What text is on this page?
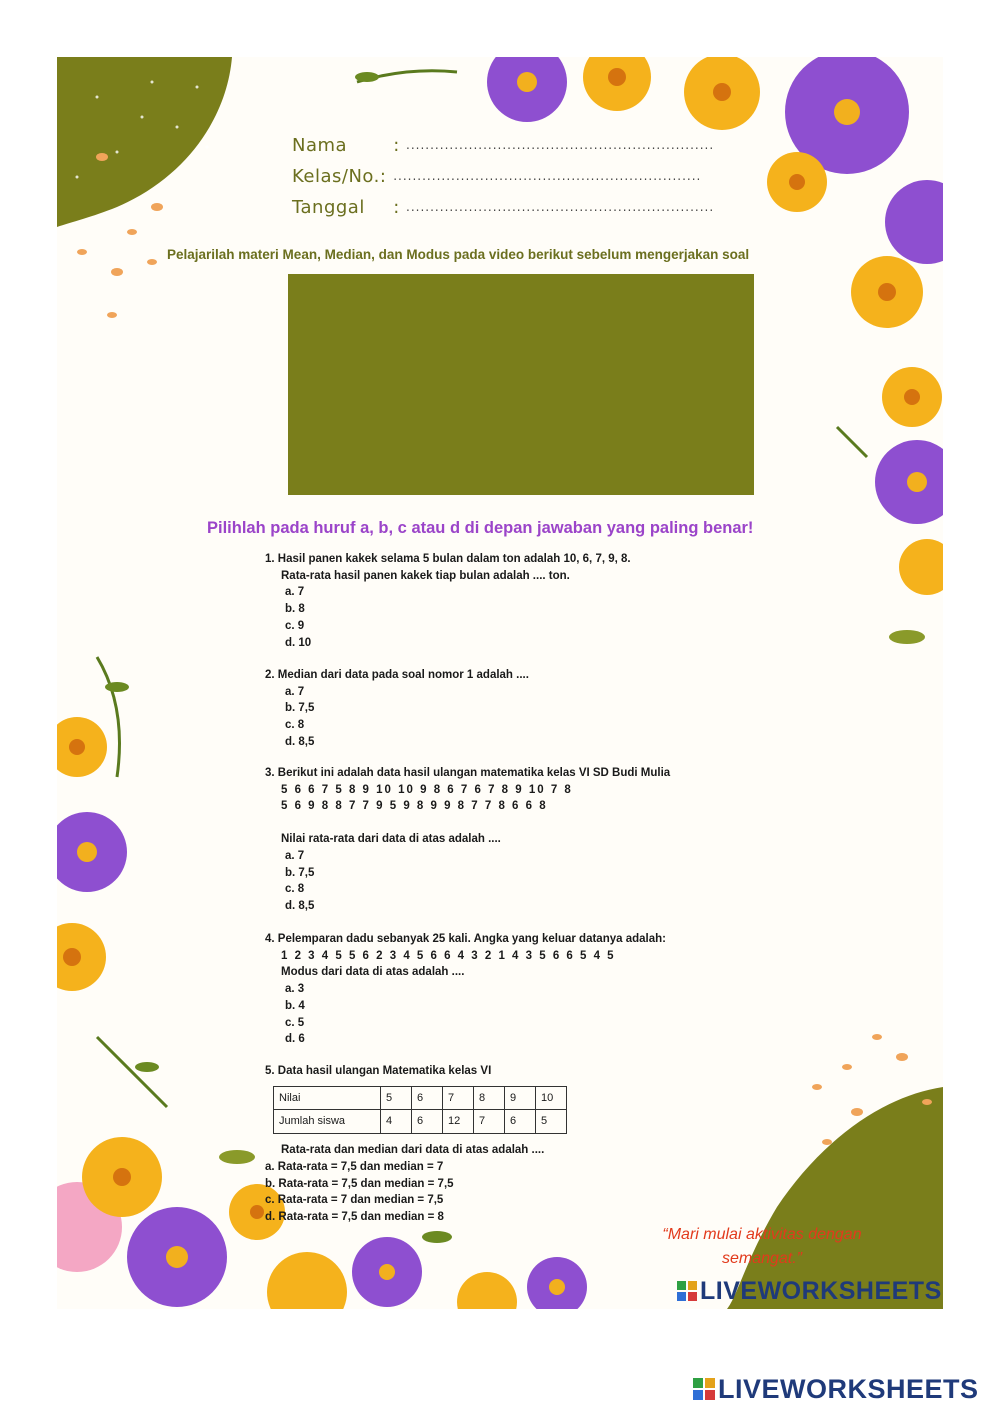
Nama	: ................................................................
Kelas/No.: ................................................................
Tanggal : ................................................................
Pelajarilah materi Mean, Median, dan Modus pada video berikut sebelum mengerjakan soal
Pilihlah pada huruf a, b, c atau d di depan jawaban yang paling benar!

1. Hasil panen kakek selama 5 bulan dalam ton adalah 10, 6, 7, 9, 8.

Rata-rata hasil panen kakek tiap bulan adalah .... ton.

a. 7

b. 8

c. 9

d. 10

2. Median dari data pada soal nomor 1 adalah ....

a. 7

b. 7,5

c. 8

d. 8,5

3. Berikut ini adalah data hasil ulangan matematika kelas VI SD Budi Mulia

5 6 6 7 5 8 9 10 10 9 8 6 7 6 7 8 9 10 7 8

5 6 9 8 8 7 7 9 5 9 8 9 9 8 7 7 8 6 6 8

Nilai rata-rata dari data di atas adalah ....

a. 7

b. 7,5

c. 8

d. 8,5

4. Pelemparan dadu sebanyak 25 kali. Angka yang keluar datanya adalah:

1 2 3 4 5 5 6 2 3 4 5 6 6 4 3 2 1 4 3 5 6 6 5 4 5

Modus dari data di atas adalah ....

a. 3

b. 4

c. 5

d. 6

5. Data hasil ulangan Matematika kelas VI

Nilai	5	6	7	8	9	10
Jumlah siswa	4	6	12	7	6	5

Rata-rata dan median dari data di atas adalah ....

a. Rata-rata = 7,5 dan median = 7

b. Rata-rata = 7,5 dan median = 7,5

c. Rata-rata = 7 dan median = 7,5

d. Rata-rata = 7,5 dan median = 8

“Mari mulai aktivitas dengan semangat.”
LIVEWORKSHEETS
LIVEWORKSHEETS
